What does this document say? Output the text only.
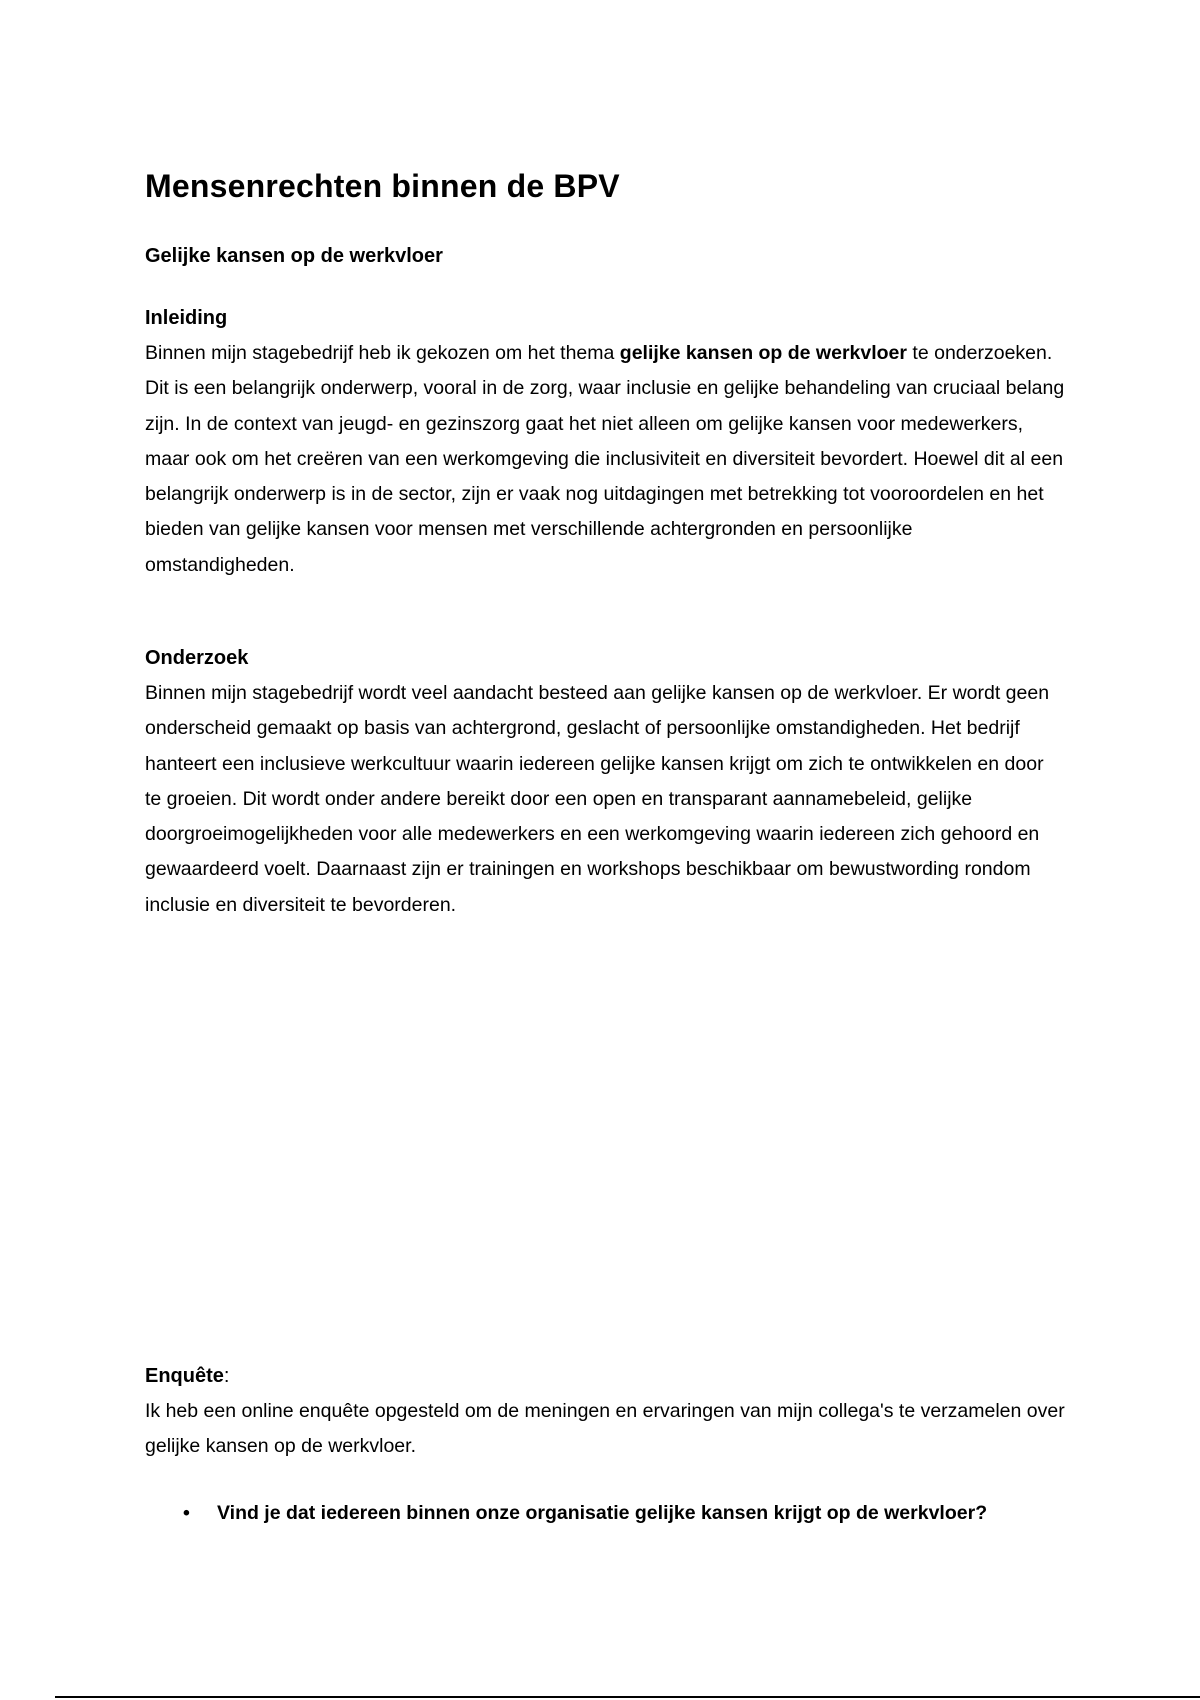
Mensenrechten binnen de BPV
Gelijke kansen op de werkvloer
Inleiding

Binnen mijn stagebedrijf heb ik gekozen om het thema gelijke kansen op de werkvloer te onderzoeken. Dit is een belangrijk onderwerp, vooral in de zorg, waar inclusie en gelijke behandeling van cruciaal belang zijn. In de context van jeugd- en gezinszorg gaat het niet alleen om gelijke kansen voor medewerkers, maar ook om het creëren van een werkomgeving die inclusiviteit en diversiteit bevordert. Hoewel dit al een belangrijk onderwerp is in de sector, zijn er vaak nog uitdagingen met betrekking tot vooroordelen en het bieden van gelijke kansen voor mensen met verschillende achtergronden en persoonlijke omstandigheden.

Onderzoek

Binnen mijn stagebedrijf wordt veel aandacht besteed aan gelijke kansen op de werkvloer. Er wordt geen onderscheid gemaakt op basis van achtergrond, geslacht of persoonlijke omstandigheden. Het bedrijf hanteert een inclusieve werkcultuur waarin iedereen gelijke kansen krijgt om zich te ontwikkelen en door te groeien. Dit wordt onder andere bereikt door een open en transparant aannamebeleid, gelijke doorgroeimogelijkheden voor alle medewerkers en een werkomgeving waarin iedereen zich gehoord en gewaardeerd voelt. Daarnaast zijn er trainingen en workshops beschikbaar om bewustwording rondom inclusie en diversiteit te bevorderen.

Enquête:

Ik heb een online enquête opgesteld om de meningen en ervaringen van mijn collega's te verzamelen over gelijke kansen op de werkvloer.

• Vind je dat iedereen binnen onze organisatie gelijke kansen krijgt op de werkvloer?
